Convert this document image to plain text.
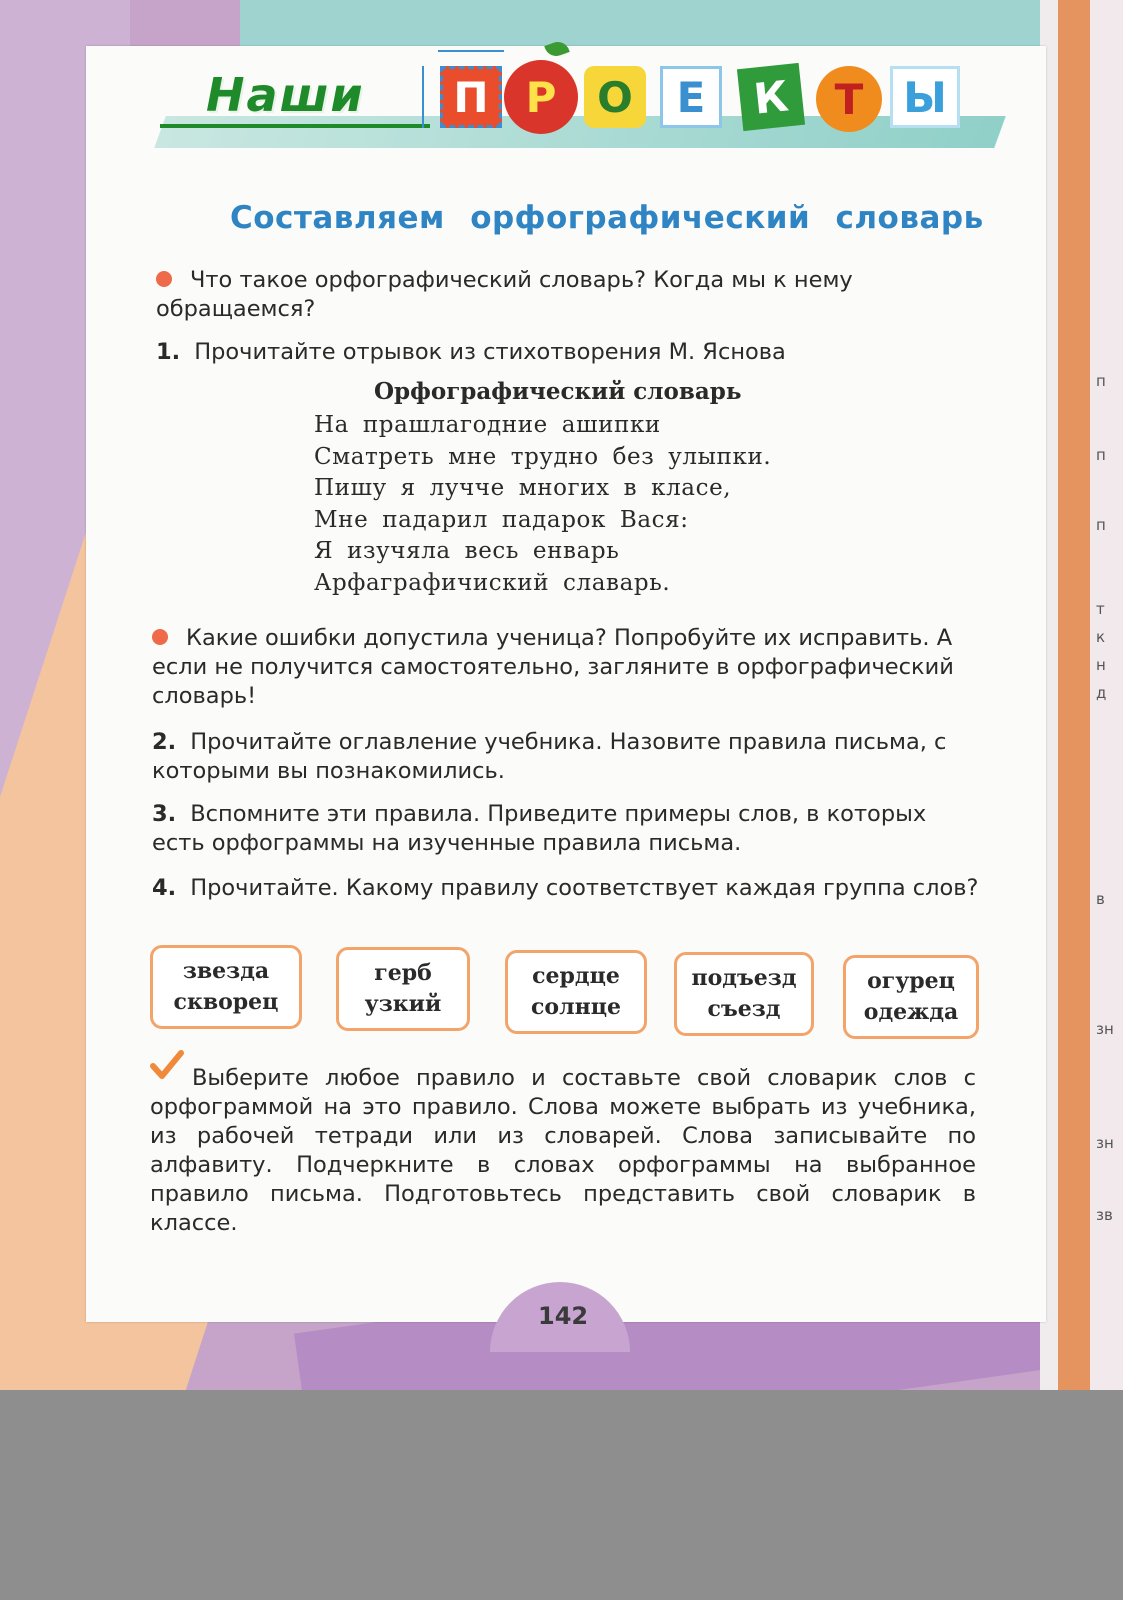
п
п
п
т
к
н
д
в
зн
зн
зв
Наши	П Р О	Е	К	Т Ы
Составляем орфографический словарь
Что такое орфографический словарь? Когда мы к нему обращаемся?
1. Прочитайте отрывок из стихотворения М. Яснова
Орфографический словарь
На прашлагодние ашипки
Сматреть мне трудно без улыпки.
Пишу я лучче многих в класе,
Мне падарил падарок Вася:
Я изучяла весь енварь
Арфаграфичиский славарь.
Какие ошибки допустила ученица? Попробуйте их исправить. А если не получится самостоятельно, загляните в орфографический словарь!
2. Прочитайте оглавление учебника. Назовите правила письма, с которыми вы познакомились.
3. Вспомните эти правила. Приведите примеры слов, в которых есть орфограммы на изученные правила письма.
4. Прочитайте. Какому правилу соответствует каждая группа слов?
звезда
скворец
герб
узкий
сердце
солнце
подъезд
съезд
огурец
одежда
Выберите любое правило и составьте свой словарик слов с орфограммой на это правило. Слова можете выбрать из учебника, из рабочей тетради или из словарей. Слова записывайте по алфавиту. Подчеркните в словах орфограммы на выбранное правило письма. Подготовьтесь представить свой словарик в классе.
142
